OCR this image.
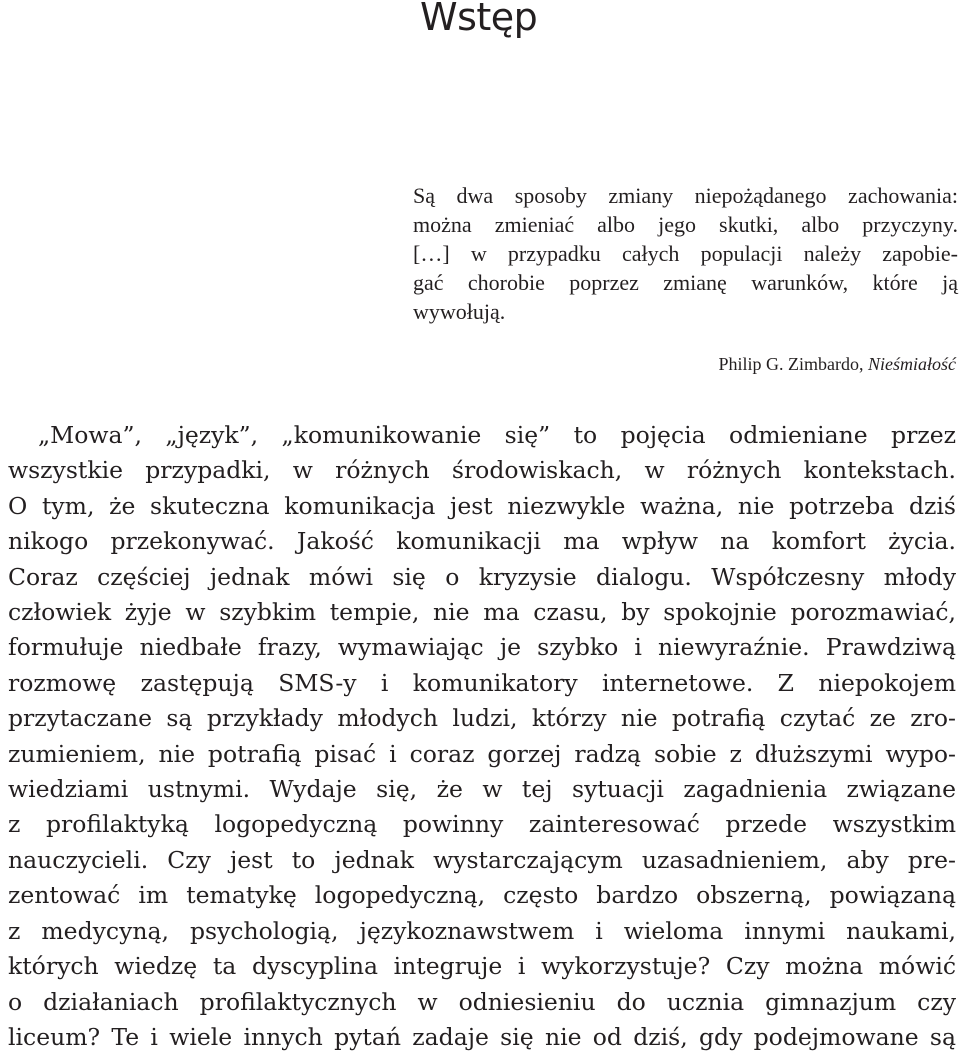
Wstęp
Są dwa sposoby zmiany niepożądanego zachowania:
można zmieniać albo jego skutki, albo przyczyny.
[…] w przypadku całych populacji należy zapobie-
gać chorobie poprzez zmianę warunków, które ją
wywołują.
Philip G. Zimbardo, Nieśmiałość
„Mowa”, „język”, „komunikowanie się” to pojęcia odmieniane przez
wszystkie przypadki, w różnych środowiskach, w różnych kontekstach.
O tym, że skuteczna komunikacja jest niezwykle ważna, nie potrzeba dziś
nikogo przekonywać. Jakość komunikacji ma wpływ na komfort życia.
Coraz częściej jednak mówi się o kryzysie dialogu. Współczesny młody
człowiek żyje w szybkim tempie, nie ma czasu, by spokojnie porozmawiać,
formułuje niedbałe frazy, wymawiając je szybko i niewyraźnie. Prawdziwą
rozmowę zastępują SMS-y i komunikatory internetowe. Z niepokojem
przytaczane są przykłady młodych ludzi, którzy nie potrafią czytać ze zro-
zumieniem, nie potrafią pisać i coraz gorzej radzą sobie z dłuższymi wypo-
wiedziami ustnymi. Wydaje się, że w tej sytuacji zagadnienia związane
z profilaktyką logopedyczną powinny zainteresować przede wszystkim
nauczycieli. Czy jest to jednak wystarczającym uzasadnieniem, aby pre-
zentować im tematykę logopedyczną, często bardzo obszerną, powiązaną
z medycyną, psychologią, językoznawstwem i wieloma innymi naukami,
których wiedzę ta dyscyplina integruje i wykorzystuje? Czy można mówić
o działaniach profilaktycznych w odniesieniu do ucznia gimnazjum czy
liceum? Te i wiele innych pytań zadaje się nie od dziś, gdy podejmowane są
